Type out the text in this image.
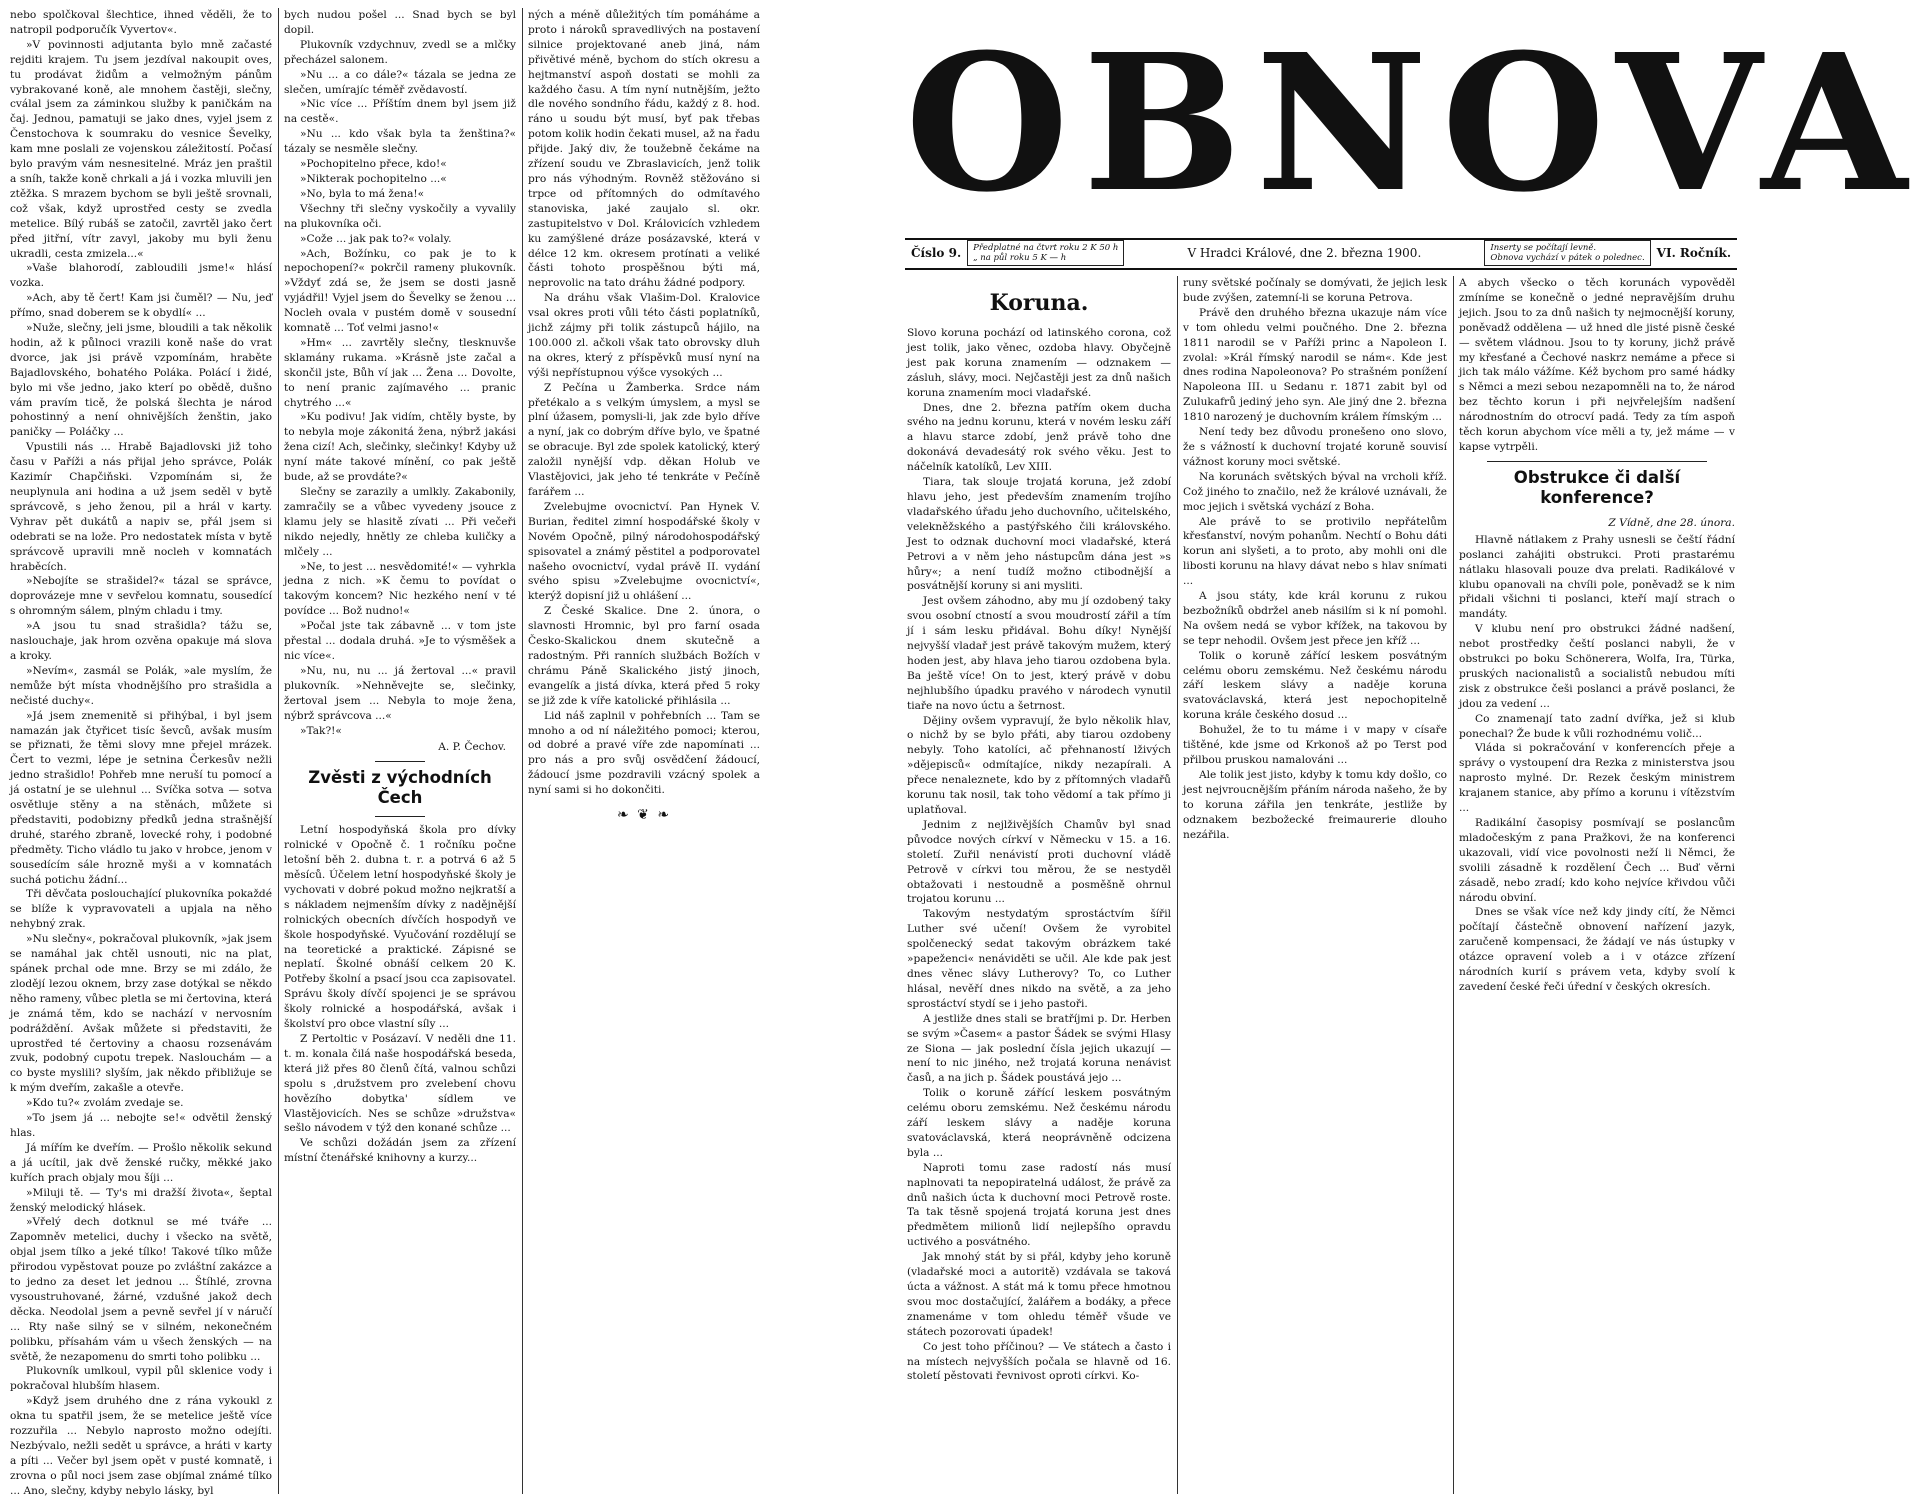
nebo spolčkoval šlechtice, ihned věděli, že to natropil podporučík Vyvertov«.

»V povinnosti adjutanta bylo mně začasté rejditi krajem. Tu jsem jezdíval nakoupit oves, tu prodávat židům a velmožným pánům vybrakované koně, ale mnohem častěji, slečny, cválal jsem za záminkou služby k paničkám na čaj. Jednou, pamatuji se jako dnes, vyjel jsem z Čenstochova k soumraku do vesnice Ševelky, kam mne poslali ze vojenskou záležitostí. Počasí bylo pravým vám nesnesitelné. Mráz jen praštil a sníh, takže koně chrkali a já i vozka mluvili jen ztěžka. S mrazem bychom se byli ještě srovnali, což však, když uprostřed cesty se zvedla metelice. Bílý rubáš se zatočil, zavrtěl jako čert před jitřní, vítr zavyl, jakoby mu byli ženu ukradli, cesta zmizela...«

»Vaše blahorodí, zabloudili jsme!« hlásí vozka.

»Ach, aby tě čert! Kam jsi čuměl? — Nu, jeď přímo, snad doberem se k obydlí« ...

»Nuže, slečny, jeli jsme, bloudili a tak několik hodin, až k půlnoci vrazili koně naše do vrat dvorce, jak jsi právě vzpomínám, hraběte Bajadlovského, bohatého Poláka. Polácí i židé, bylo mi vše jedno, jako kterí po obědě, dušno vám pravím ticě, že polská šlechta je národ pohostinný a není ohnivějších ženštin, jako paničky — Poláčky ...

Vpustili nás ... Hrabě Bajadlovski již toho času v Paříži a nás přijal jeho správce, Polák Kazimír Chapčiňski. Vzpomínám si, že neuplynula ani hodina a už jsem seděl v bytě správcově, s jeho ženou, pil a hrál v karty. Vyhrav pět dukátů a napiv se, přál jsem si odebrati se na lože. Pro nedostatek místa v bytě správcově upravili mně nocleh v komnatách hraběcích.

»Nebojíte se strašidel?« tázal se správce, doprovázeje mne v sevřelou komnatu, sousedící s ohromným sálem, plným chladu i tmy.

»A jsou tu snad strašidla? tážu se, naslouchaje, jak hrom ozvěna opakuje má slova a kroky.

»Nevím«, zasmál se Polák, »ale myslím, že nemůže být místa vhodnějšího pro strašidla a nečisté duchy«.

»Já jsem znemenitě si přihýbal, i byl jsem namazán jak čtyřicet tisíc ševců, avšak musím se přiznati, že těmi slovy mne přejel mrázek. Čert to vezmi, lépe je setnina Čerkesův nežli jedno strašidlo! Pohřeb mne neruší tu pomocí a já ostatní je se ulehnul ... Svíčka sotva — sotva osvětluje stěny a na stěnách, můžete si představiti, podobizny předků jedna strašnější druhé, starého zbraně, lovecké rohy, i podobné předměty. Ticho vládlo tu jako v hrobce, jenom v sousedícím sále hrozně myši a v komnatách suchá potichu žádní...

Tři děvčata poslouchající plukovníka pokaždé se blíže k vypravovateli a upjala na něho nehybný zrak.

»Nu slečny«, pokračoval plukovník, »jak jsem se namáhal jak chtěl usnouti, nic na plat, spánek prchal ode mne. Brzy se mi zdálo, že zlodějí lezou oknem, brzy zase dotýkal se někdo něho rameny, vůbec pletla se mi čertovina, která je známá těm, kdo se nachází v nervosním podráždění. Avšak můžete si představiti, že uprostřed té čertoviny a chaosu rozsenávám zvuk, podobný cupotu trepek. Naslouchám — a co byste myslili? slyším, jak někdo přibližuje se k mým dveřím, zakašle a otevře.

»Kdo tu?« zvolám zvedaje se.

»To jsem já ... nebojte se!« odvětil ženský hlas.

Já mířím ke dveřím. — Prošlo několik sekund a já ucítil, jak dvě ženské ručky, měkké jako kuřích prach objaly mou šíji ...

»Miluji tě. — Ty's mi dražší života«, šeptal ženský melodický hlásek.

»Vřelý dech dotknul se mé tváře ... Zapomněv metelici, duchy i všecko na světě, objal jsem tílko a jeké tílko! Takové tílko může přirodou vypěstovat pouze po zvláštní zakázce a to jedno za deset let jednou ... Štíhlé, zrovna vysoustruhované, žárné, vzdušné jakož dech děcka. Neodolal jsem a pevně sevřel jí v náručí ... Rty naše silný se v silném, nekonečném polibku, přísahám vám u všech ženských — na světě, že nezapomenu do smrti toho polibku ...

Plukovník umlkoul, vypil půl sklenice vody i pokračoval hlubším hlasem.

»Když jsem druhého dne z rána vykoukl z okna tu spatřil jsem, že se metelice ještě více rozzuřila ... Nebylo naprosto možno odejíti. Nezbývalo, nežli sedět u správce, a hráti v karty a píti ... Večer byl jsem opět v pusté komnatě, i zrovna o půl noci jsem zase objímal známé tílko ... Ano, slečny, kdyby nebylo lásky, byl

bych nudou pošel ... Snad bych se byl dopil.

Plukovník vzdychnuv, zvedl se a mlčky přecházel salonem.

»Nu ... a co dále?« tázala se jedna ze slečen, umírajíc téměř zvědavostí.

»Nic více ... Příštím dnem byl jsem již na cestě«.

»Nu ... kdo však byla ta ženština?« tázaly se nesměle slečny.

»Pochopitelno přece, kdo!«

»Nikterak pochopitelno ...«

»No, byla to má žena!«

Všechny tři slečny vyskočily a vyvalily na plukovníka oči.

»Cože ... jak pak to?« volaly.

»Ach, Božínku, co pak je to k nepochopení?« pokrčil rameny plukovník. »Vždyť zdá se, že jsem se dosti jasně vyjádřil! Vyjel jsem do Ševelky se ženou ... Nocleh ovala v pustém domě v sousední komnatě ... Toť velmi jasno!«

»Hm« ... zavrtěly slečny, tlesknuvše sklamány rukama. »Krásně jste začal a skončil jste, Bůh ví jak ... Žena ... Dovolte, to není pranic zajímavého ... pranic chytrého ...«

»Ku podivu! Jak vidím, chtěly byste, by to nebyla moje zákonitá žena, nýbrž jakási žena cizí! Ach, slečinky, slečinky! Kdyby už nyní máte takové mínění, co pak ještě bude, až se provdáte?«

Slečny se zarazily a umlkly. Zakabonily, zamračily se a vůbec vyvedeny jsouce z klamu jely se hlasitě zívati ... Při večeři nikdo nejedly, hnětly ze chleba kuličky a mlčely ...

»Ne, to jest ... nesvědomité!« — vyhrkla jedna z nich. »K čemu to povídat o takovým koncem? Nic hezkého není v té povídce ... Bož nudno!«

»Počal jste tak zábavně ... v tom jste přestal ... dodala druhá. »Je to výsměšek a nic více«.

»Nu, nu, nu ... já žertoval ...« pravil plukovník. »Nehněvejte se, slečinky, žertoval jsem ... Nebyla to moje žena, nýbrž správcova ...«

»Tak?!«

A. P. Čechov.
Zvěsti z východních Čech

Letní hospodyňská škola pro dívky rolnické v Opočně č. 1 ročníku počne letošní běh 2. dubna t. r. a potrvá 6 až 5 měsíců. Účelem letní hospodyňské školy je vychovati v dobré pokud možno nejkratší a s nákladem nejmenším dívky z nadějnější rolnických obecních dívčích hospodyň ve škole hospodyňské. Vyučování rozdělují se na teoretické a praktické. Zápisné se neplatí. Školné obnáší celkem 20 K. Potřeby školní a psací jsou cca zapisovatel. Správu školy dívčí spojenci je se správou školy rolnické a hospodářská, avšak i školství pro obce vlastní síly ...

Z Pertoltic v Posázaví. V neděli dne 11. t. m. konala čilá naše hospodářská beseda, která již přes 80 členů čítá, valnou schůzi spolu s ,družstvem pro zvelebení chovu hovězího dobytka' sídlem ve Vlastějovicích. Nes se schůze »družstva« sešlo návodem v týž den konané schůze ...

Ve schůzi dožádán jsem za zřízení místní čtenářské knihovny a kurzy...

ných a méně důležitých tím pomáháme a proto i nároků spravedlivých na postavení silnice projektované aneb jiná, nám přivětivé méně, bychom do stích okresu a hejtmanství aspoň dostati se mohli za každého času. A tím nyní nutnějším, ježto dle nového sondního řádu, každý z 8. hod. ráno u soudu být musí, byť pak třebas potom kolik hodin čekati musel, až na řadu přijde. Jaký div, že toužebně čekáme na zřízení soudu ve Zbraslavicích, jenž tolik pro nás výhodným. Rovněž stěžováno si trpce od přítomných do odmítavého stanoviska, jaké zaujalo sl. okr. zastupitelstvo v Dol. Královicích vzhledem ku zamýšlené dráze posázavské, která v délce 12 km. okresem protínati a veliké části tohoto prospěšnou býti má, neprovolic na tato dráhu žádné podpory.

Na dráhu však Vlašim-Dol. Kralovice vsal okres proti vůli této části poplatníků, jichž zájmy při tolik zástupců hájilo, na 100.000 zl. ačkoli však tato obrovsky dluh na okres, který z příspěvků musí nyní na výši nepřístupnou výšce vysokých ...

Z Pečína u Žamberka. Srdce nám přetékalo a s velkým úmyslem, a mysl se plní úžasem, pomysli-li, jak zde bylo dříve a nyní, jak co dobrým dříve bylo, ve špatné se obracuje. Byl zde spolek katolický, který založil nynější vdp. děkan Holub ve Vlastějovici, jak jeho té tenkráte v Pečíně farářem ...

Zvelebujme ovocnictví. Pan Hynek V. Burian, ředitel zimní hospodářské školy v Novém Opočně, pilný národohospodářský spisovatel a známý pěstitel a podporovatel našeho ovocnictví, vydal právě II. vydání svého spisu »Zvelebujme ovocnictví«, kterýž dopisní již u ohlášení ...

Z České Skalice. Dne 2. února, o slavnosti Hromnic, byl pro farní osada Česko-Skalickou dnem skutečně a radostným. Při ranních službách Božích v chrámu Páně Skalického jistý jinoch, evangelík a jistá dívka, která před 5 roky se již zde k víře katolické přihlásila ...

Lid náš zaplnil v pohřebních ... Tam se mnoho a od ní náležitého pomoci; kterou, od dobré a pravé víře zde napomínati ... pro nás a pro svůj osvědčení žádoucí, žádoucí jsme pozdravili vzácný spolek a nyní sami si ho dokončiti.

❧ ❦ ❧
OBNOVA
Číslo 9.	Předplatné na čtvrt roku 2 K 50 h
„ na půl roku 5 K — h	V Hradci Králové, dne 2. března 1900.	Inserty se počítají levně.
Obnova vychází v pátek o polednec.	VI. Ročník.
Koruna.

Slovo koruna pochází od latinského corona, což jest tolik, jako věnec, ozdoba hlavy. Obyčejně jest pak koruna znamením — odznakem — zásluh, slávy, moci. Nejčastěji jest za dnů našich koruna znamením moci vladařské.

Dnes, dne 2. března patřím okem ducha svého na jednu korunu, která v novém lesku září a hlavu starce zdobí, jenž právě toho dne dokonává devadesátý rok svého věku. Jest to náčelník katolíků, Lev XIII.

Tiara, tak slouje trojatá koruna, jež zdobí hlavu jeho, jest především znamením trojího vladařského úřadu jeho duchovního, učitelského, velekněžského a pastýřského čili královského. Jest to odznak duchovní moci vladařské, která Petrovi a v něm jeho nástupcům dána jest »s hůry«; a není tudíž možno ctibodnější a posvátnější koruny si ani mysliti.

Jest ovšem záhodno, aby mu jí ozdobený taky svou osobní ctností a svou moudrostí zářil a tím jí i sám lesku přidával. Bohu díky! Nynější nejvyšší vladař jest právě takovým mužem, který hoden jest, aby hlava jeho tiarou ozdobena byla. Ba ještě více! On to jest, který právě v dobu nejhlubšího úpadku pravého v národech vynutil tiaře na novo úctu a šetrnost.

Dějiny ovšem vypravují, že bylo několik hlav, o nichž by se bylo přáti, aby tiarou ozdobeny nebyly. Toho katolíci, ač přehnaností lživých »dějepisců« odmítajíce, nikdy nezapírali. A přece nenaleznete, kdo by z přítomných vladařů korunu tak nosil, tak toho vědomí a tak přímo ji uplatňoval.

Jednim z nejlživějších Chamův byl snad původce nových církví v Německu v 15. a 16. století. Zuřil nenávistí proti duchovní vládě Petrově v církvi tou měrou, že se nestyděl obtažovati i nestoudně a posměšně ohrnul trojatou korunu ...

Takovým nestydatým sprostáctvím šířil Luther své učení! Ovšem že vyrobitel spolčenecký sedat takovým obrázkem také »papeženci« nenáviděti se učil. Ale kde pak jest dnes věnec slávy Lutherovy? To, co Luther hlásal, nevěří dnes nikdo na světě, a za jeho sprostáctví stydí se i jeho pastoři.

A jestliže dnes stali se bratříjmi p. Dr. Herben se svým »Časem« a pastor Šádek se svými Hlasy ze Siona — jak poslední čísla jejich ukazují — není to nic jiného, než trojatá koruna nenávist časů, a na jich p. Šádek poustává jejo ...

Tolik o koruně zářící leskem posvátným celému oboru zemskému. Než českému národu září leskem slávy a naděje koruna svatováclavská, která neoprávněně odcizena byla ...

Naproti tomu zase radostí nás musí naplnovati ta nepopiratelná událost, že právě za dnů našich úcta k duchovní moci Petrově roste. Ta tak těsně spojená trojatá koruna jest dnes předmětem milionů lidí nejlepšího opravdu uctivého a posvátného.

Jak mnohý stát by si přál, kdyby jeho koruně (vladařské moci a autoritě) vzdávala se taková úcta a vážnost. A stát má k tomu přece hmotnou svou moc dostačující, žalářem a bodáky, a přece znamenáme v tom ohledu téměř všude ve státech pozorovati úpadek!

Co jest toho příčinou? — Ve státech a často i na místech nejvyšších počala se hlavně od 16. století pěstovati řevnivost oproti církvi. Ko-

runy světské počínaly se domývati, že jejich lesk bude zvýšen, zatemní-li se koruna Petrova.

Právě den druhého března ukazuje nám více v tom ohledu velmi poučného. Dne 2. března 1811 narodil se v Paříži princ a Napoleon I. zvolal: »Král římský narodil se nám«. Kde jest dnes rodina Napoleonova? Po strašném ponížení Napoleona III. u Sedanu r. 1871 zabit byl od Zulukafrů jediný jeho syn. Ale jiný dne 2. března 1810 narozený je duchovním králem římským ...

Není tedy bez důvodu pronešeno ono slovo, že s vážností k duchovní trojaté koruně souvisí vážnost koruny moci světské.

Na korunách světských býval na vrcholi kříž. Což jiného to značilo, než že králové uznávali, že moc jejich i světská vychází z Boha.

Ale právě to se protivilo nepřátelům křesťanství, novým pohanům. Nechtí o Bohu dáti korun ani slyšeti, a to proto, aby mohli oni dle libosti korunu na hlavy dávat nebo s hlav snímati ...

A jsou státy, kde král korunu z rukou bezbožníků obdržel aneb násilím si k ní pomohl. Na ovšem nedá se vybor křížek, na takovou by se tepr nehodil. Ovšem jest přece jen kříž ...

Tolik o koruně zářící leskem posvátným celému oboru zemskému. Než českému národu září leskem slávy a naděje koruna svatováclavská, která jest nepochopitelně koruna krále českého dosud ...

Bohužel, že to tu máme i v mapy v císaře tištěné, kde jsme od Krkonoš až po Terst pod přilbou pruskou namalováni ...

Ale tolik jest jisto, kdyby k tomu kdy došlo, co jest nejvroucnějším přáním národa našeho, že by to koruna zářila jen tenkráte, jestliže by odznakem bezbožecké freimaurerie dlouho nezářila.

A abych všecko o těch korunách vypověděl zmíníme se konečně o jedné nepravějším druhu jejich. Jsou to za dnů našich ty nejmocnější koruny, poněvadž oddělena — už hned dle jisté pisně české — světem vládnou. Jsou to ty koruny, jichž právě my křesťané a Čechové naskrz nemáme a přece si jich tak málo vážíme. Kéž bychom pro samé hádky s Němci a mezi sebou nezapomněli na to, že národ bez těchto korun i při nejvřelejším nadšení národnostním do otrocví padá. Tedy za tím aspoň těch korun abychom více měli a ty, jež máme — v kapse vytrpěli.

Obstrukce či další konference?
Z Vídně, dne 28. února.

Hlavně nátlakem z Prahy usnesli se čeští řádní poslanci zahájiti obstrukci. Proti prastarému nátlaku hlasovali pouze dva prelati. Radikálové v klubu opanovali na chvíli pole, poněvadž se k nim přidali všichni ti poslanci, kteří mají strach o mandáty.

V klubu není pro obstrukci žádné nadšení, nebot prostředky čeští poslanci nabyli, že v obstrukci po boku Schönerera, Wolfa, Ira, Türka, pruských nacionalistů a socialistů nebudou míti zisk z obstrukce češi poslanci a právě poslanci, že jdou za vedení ...

Co znamenají tato zadní dvířka, jež si klub ponechal? Že bude k vůli rozhodnému volič...

Vláda si pokračování v konferencích přeje a správy o vystoupení dra Rezka z ministerstva jsou naprosto mylné. Dr. Rezek českým ministrem krajanem stanice, aby přímo a korunu i vítězstvím ...

Radikální časopisy posmívají se poslancům mladočeským z pana Pražkovi, že na konferenci ukazovali, vidí vice povolnosti neží li Němci, že svolili zásadně k rozdělení Čech ... Buď věrni zásadě, nebo zradí; kdo koho nejvíce křivdou vůči národu obviní.

Dnes se však více než kdy jindy cítí, že Němci počítají částečně obnovení nařízení jazyk, zaručeně kompensaci, že žádají ve nás ústupky v otázce opravení voleb a i v otázce zřízení národních kurií s právem veta, kdyby svolí k zavedení české řeči úřední v českých okresích.
